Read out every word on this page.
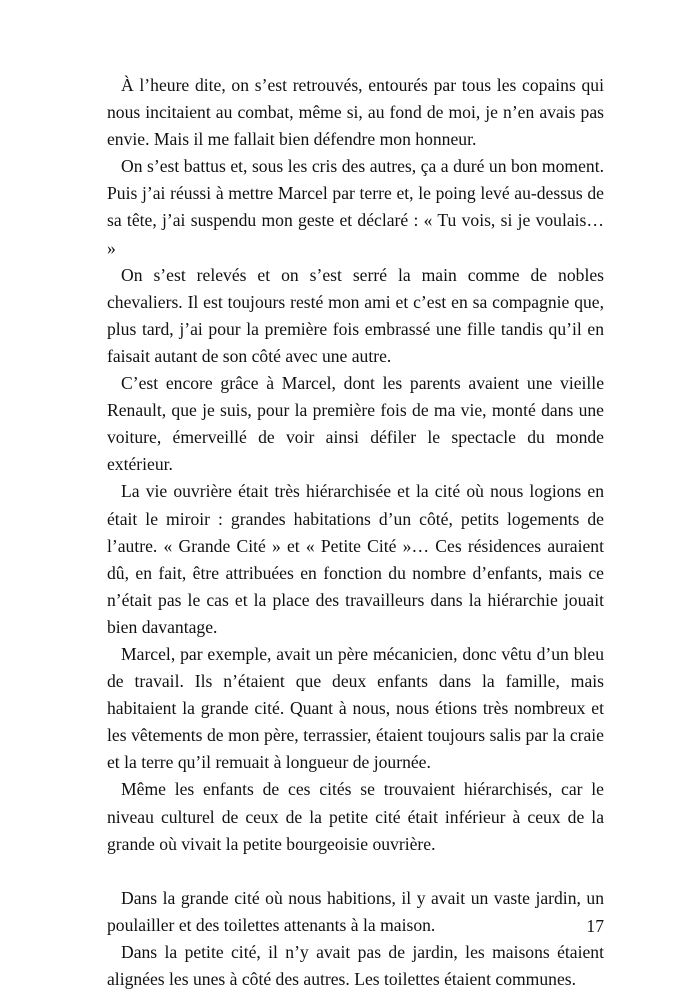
À l’heure dite, on s’est retrouvés, entourés par tous les copains qui nous incitaient au combat, même si, au fond de moi, je n’en avais pas envie. Mais il me fallait bien défendre mon honneur.

On s’est battus et, sous les cris des autres, ça a duré un bon moment. Puis j’ai réussi à mettre Marcel par terre et, le poing levé au-dessus de sa tête, j’ai suspendu mon geste et déclaré : « Tu vois, si je voulais… »

On s’est relevés et on s’est serré la main comme de nobles chevaliers. Il est toujours resté mon ami et c’est en sa compagnie que, plus tard, j’ai pour la première fois embrassé une fille tandis qu’il en faisait autant de son côté avec une autre.

C’est encore grâce à Marcel, dont les parents avaient une vieille Renault, que je suis, pour la première fois de ma vie, monté dans une voiture, émerveillé de voir ainsi défiler le spectacle du monde extérieur.

La vie ouvrière était très hiérarchisée et la cité où nous logions en était le miroir : grandes habitations d’un côté, petits logements de l’autre. « Grande Cité » et « Petite Cité »… Ces résidences auraient dû, en fait, être attribuées en fonction du nombre d’enfants, mais ce n’était pas le cas et la place des travailleurs dans la hiérarchie jouait bien davantage.

Marcel, par exemple, avait un père mécanicien, donc vêtu d’un bleu de travail. Ils n’étaient que deux enfants dans la famille, mais habitaient la grande cité. Quant à nous, nous étions très nombreux et les vêtements de mon père, terrassier, étaient toujours salis par la craie et la terre qu’il remuait à longueur de journée.

Même les enfants de ces cités se trouvaient hiérarchisés, car le niveau culturel de ceux de la petite cité était inférieur à ceux de la grande où vivait la petite bourgeoisie ouvrière.

Dans la grande cité où nous habitions, il y avait un vaste jardin, un poulailler et des toilettes attenants à la maison.

Dans la petite cité, il n’y avait pas de jardin, les maisons étaient alignées les unes à côté des autres. Les toilettes étaient communes.

17
